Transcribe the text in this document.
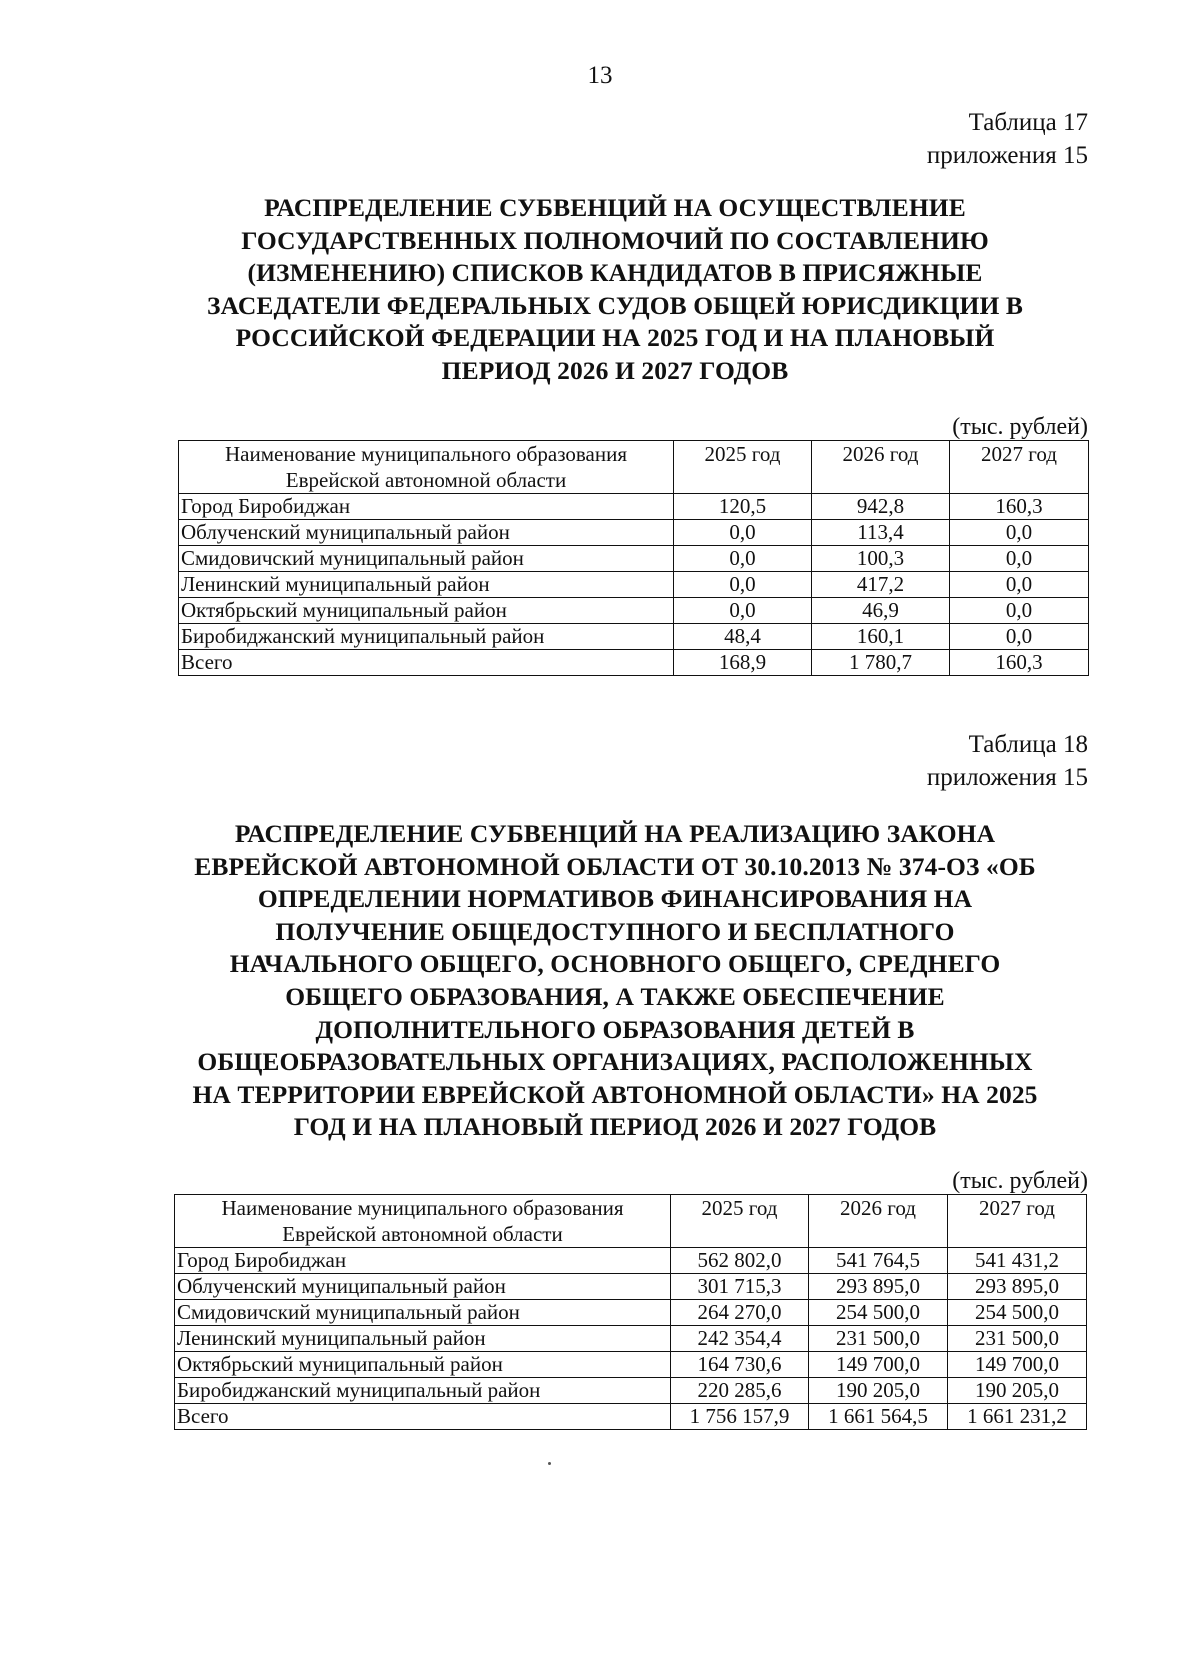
13
Таблица 17
приложения 15
РАСПРЕДЕЛЕНИЕ СУБВЕНЦИЙ НА ОСУЩЕСТВЛЕНИЕ
ГОСУДАРСТВЕННЫХ ПОЛНОМОЧИЙ ПО СОСТАВЛЕНИЮ
(ИЗМЕНЕНИЮ) СПИСКОВ КАНДИДАТОВ В ПРИСЯЖНЫЕ
ЗАСЕДАТЕЛИ ФЕДЕРАЛЬНЫХ СУДОВ ОБЩЕЙ ЮРИСДИКЦИИ В
РОССИЙСКОЙ ФЕДЕРАЦИИ НА 2025 ГОД И НА ПЛАНОВЫЙ
ПЕРИОД 2026 И 2027 ГОДОВ
(тыс. рублей)
Наименование муниципального образования
Еврейской автономной области	2025 год	2026 год	2027 год
Город Биробиджан	120,5	942,8	160,3
Облученский муниципальный район	0,0	113,4	0,0
Смидовичский муниципальный район	0,0	100,3	0,0
Ленинский муниципальный район	0,0	417,2	0,0
Октябрьский муниципальный район	0,0	46,9	0,0
Биробиджанский муниципальный район	48,4	160,1	0,0
Всего	168,9	1 780,7	160,3
Таблица 18
приложения 15
РАСПРЕДЕЛЕНИЕ СУБВЕНЦИЙ НА РЕАЛИЗАЦИЮ ЗАКОНА
ЕВРЕЙСКОЙ АВТОНОМНОЙ ОБЛАСТИ ОТ 30.10.2013 № 374-ОЗ «ОБ
ОПРЕДЕЛЕНИИ НОРМАТИВОВ ФИНАНСИРОВАНИЯ НА
ПОЛУЧЕНИЕ ОБЩЕДОСТУПНОГО И БЕСПЛАТНОГО
НАЧАЛЬНОГО ОБЩЕГО, ОСНОВНОГО ОБЩЕГО, СРЕДНЕГО
ОБЩЕГО ОБРАЗОВАНИЯ, А ТАКЖЕ ОБЕСПЕЧЕНИЕ
ДОПОЛНИТЕЛЬНОГО ОБРАЗОВАНИЯ ДЕТЕЙ В
ОБЩЕОБРАЗОВАТЕЛЬНЫХ ОРГАНИЗАЦИЯХ, РАСПОЛОЖЕННЫХ
НА ТЕРРИТОРИИ ЕВРЕЙСКОЙ АВТОНОМНОЙ ОБЛАСТИ» НА 2025
ГОД И НА ПЛАНОВЫЙ ПЕРИОД 2026 И 2027 ГОДОВ
(тыс. рублей)
Наименование муниципального образования
Еврейской автономной области	2025 год	2026 год	2027 год
Город Биробиджан	562 802,0	541 764,5	541 431,2
Облученский муниципальный район	301 715,3	293 895,0	293 895,0
Смидовичский муниципальный район	264 270,0	254 500,0	254 500,0
Ленинский муниципальный район	242 354,4	231 500,0	231 500,0
Октябрьский муниципальный район	164 730,6	149 700,0	149 700,0
Биробиджанский муниципальный район	220 285,6	190 205,0	190 205,0
Всего	1 756 157,9	1 661 564,5	1 661 231,2
